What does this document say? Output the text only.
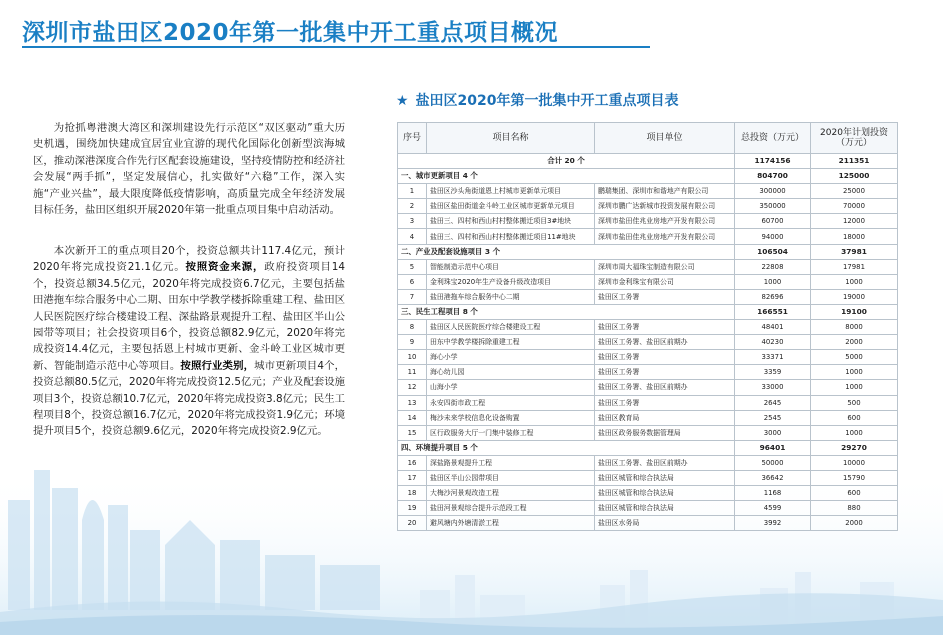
深圳市盐田区2020年第一批集中开工重点项目概况

为抢抓粤港澳大湾区和深圳建设先行示范区“双区驱动”重大历史机遇，围绕加快建成宜居宜业宜游的现代化国际化创新型滨海城区，推动深港深度合作先行区配套设施建设，坚持疫情防控和经济社会发展“两手抓”，坚定发展信心，扎实做好“六稳”工作，深入实施“产业兴盐”，最大限度降低疫情影响，高质量完成全年经济发展目标任务，盐田区组织开展2020年第一批重点项目集中启动活动。

本次新开工的重点项目20个，投资总额共计117.4亿元，预计2020年将完成投资21.1亿元。按照资金来源，政府投资项目14个，投资总额34.5亿元，2020年将完成投资6.7亿元，主要包括盐田港拖车综合服务中心二期、田东中学教学楼拆除重建工程、盐田区人民医院医疗综合楼建设工程、深盐路景观提升工程、盐田区半山公园带等项目；社会投资项目6个，投资总额82.9亿元，2020年将完成投资14.4亿元，主要包括恩上村城市更新、金斗岭工业区城市更新、智能制造示范中心等项目。按照行业类别，城市更新项目4个，投资总额80.5亿元，2020年将完成投资12.5亿元；产业及配套设施项目3个，投资总额10.7亿元，2020年将完成投资3.8亿元；民生工程项目8个，投资总额16.7亿元，2020年将完成投资1.9亿元；环境提升项目5个，投资总额9.6亿元，2020年将完成投资2.9亿元。

★ 盐田区2020年第一批集中开工重点项目表
序号	项目名称	项目单位	总投资（万元）	2020年计划投资（万元）
合计 20 个			1174156	211351
一、城市更新项目 4 个			804700	125000
1	盐田区沙头角街道恩上村城市更新单元项目	鹏瑞集团、深圳市和谐地产有限公司	300000	25000
2	盐田区盐田街道金斗岭工业区城市更新单元项目	深圳市鹏广达新城市投资发展有限公司	350000	70000
3	盐田三、四村和西山村村整体搬迁项目3#地块	深圳市盐田佳兆业房地产开发有限公司	60700	12000
4	盐田三、四村和西山村村整体搬迁项目11#地块	深圳市盐田佳兆业房地产开发有限公司	94000	18000
二、产业及配套设施项目 3 个			106504	37981
5	智能制造示范中心项目	深圳市周大福珠宝制造有限公司	22808	17981
6	金利珠宝2020年生产设备升级改造项目	深圳市金利珠宝有限公司	1000	1000
7	盐田港拖车综合服务中心二期	盐田区工务署	82696	19000
三、民生工程项目 8 个			166551	19100
8	盐田区人民医院医疗综合楼建设工程	盐田区工务署	48401	8000
9	田东中学教学楼拆除重建工程	盐田区工务署、盐田区前期办	40230	2000
10	海心小学	盐田区工务署	33371	5000
11	海心幼儿园	盐田区工务署	3359	1000
12	山海小学	盐田区工务署、盐田区前期办	33000	1000
13	永安四街市政工程	盐田区工务署	2645	500
14	梅沙未来学校信息化设备购置	盐田区教育局	2545	600
15	区行政服务大厅一门集中装修工程	盐田区政务服务数据管理局	3000	1000
四、环境提升项目 5 个			96401	29270
16	深盐路景观提升工程	盐田区工务署、盐田区前期办	50000	10000
17	盐田区半山公园带项目	盐田区城管和综合执法局	36642	15790
18	大梅沙河景观改造工程	盐田区城管和综合执法局	1168	600
19	盐田河景观综合提升示范段工程	盐田区城管和综合执法局	4599	880
20	避风塘内外塘清淤工程	盐田区水务局	3992	2000
